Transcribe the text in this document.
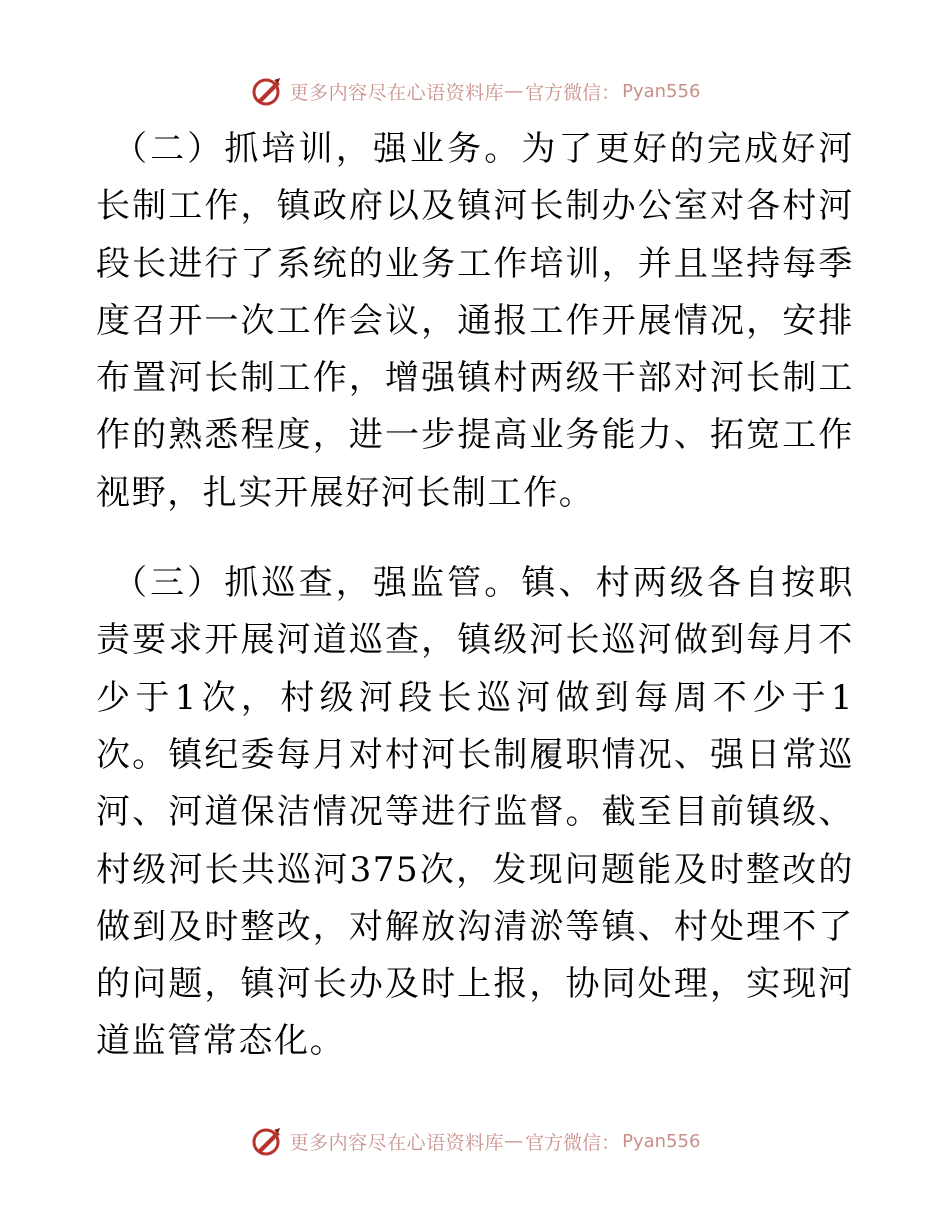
更多内容尽在心语资料库 — 官方微信： Pyan556

（二）抓培训，强业务。为了更好的完成好河长制工作，镇政府以及镇河长制办公室对各村河段长进行了系统的业务工作培训，并且坚持每季度召开一次工作会议，通报工作开展情况，安排布置河长制工作，增强镇村两级干部对河长制工作的熟悉程度，进一步提高业务能力、拓宽工作视野，扎实开展好河长制工作。

（三）抓巡查，强监管。镇、村两级各自按职责要求开展河道巡查，镇级河长巡河做到每月不少于1次，村级河段长巡河做到每周不少于1次。镇纪委每月对村河长制履职情况、强日常巡河、河道保洁情况等进行监督。截至目前镇级、村级河长共巡河375次，发现问题能及时整改的做到及时整改，对解放沟清淤等镇、村处理不了的问题，镇河长办及时上报，协同处理，实现河道监管常态化。

更多内容尽在心语资料库 — 官方微信： Pyan556
